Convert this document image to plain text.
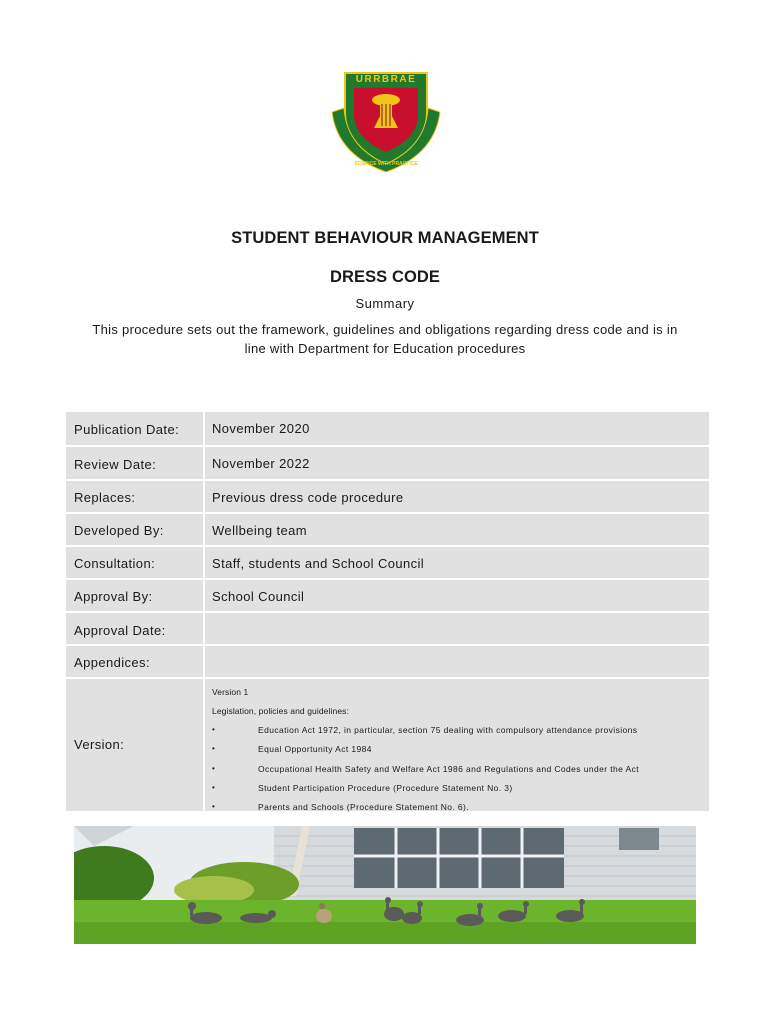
URRBRAE
SCIENCE WITH PRACTICE
STUDENT BEHAVIOUR MANAGEMENT
DRESS CODE
Summary
This procedure sets out the framework, guidelines and obligations regarding dress code and is in
line with Department for Education procedures
Publication Date:	November 2020
Review Date:	November 2022
Replaces:	Previous dress code procedure
Developed By:	Wellbeing team
Consultation:	Staff, students and School Council
Approval By:	School Council
Approval Date:
Appendices:
Version:
Version 1
Legislation, policies and guidelines:
•	Education Act 1972, in particular, section 75 dealing with compulsory attendance provisions
•	Equal Opportunity Act 1984
•	Occupational Health Safety and Welfare Act 1986 and Regulations and Codes under the Act
•	Student Participation Procedure (Procedure Statement No. 3)
•	Parents and Schools (Procedure Statement No. 6).
